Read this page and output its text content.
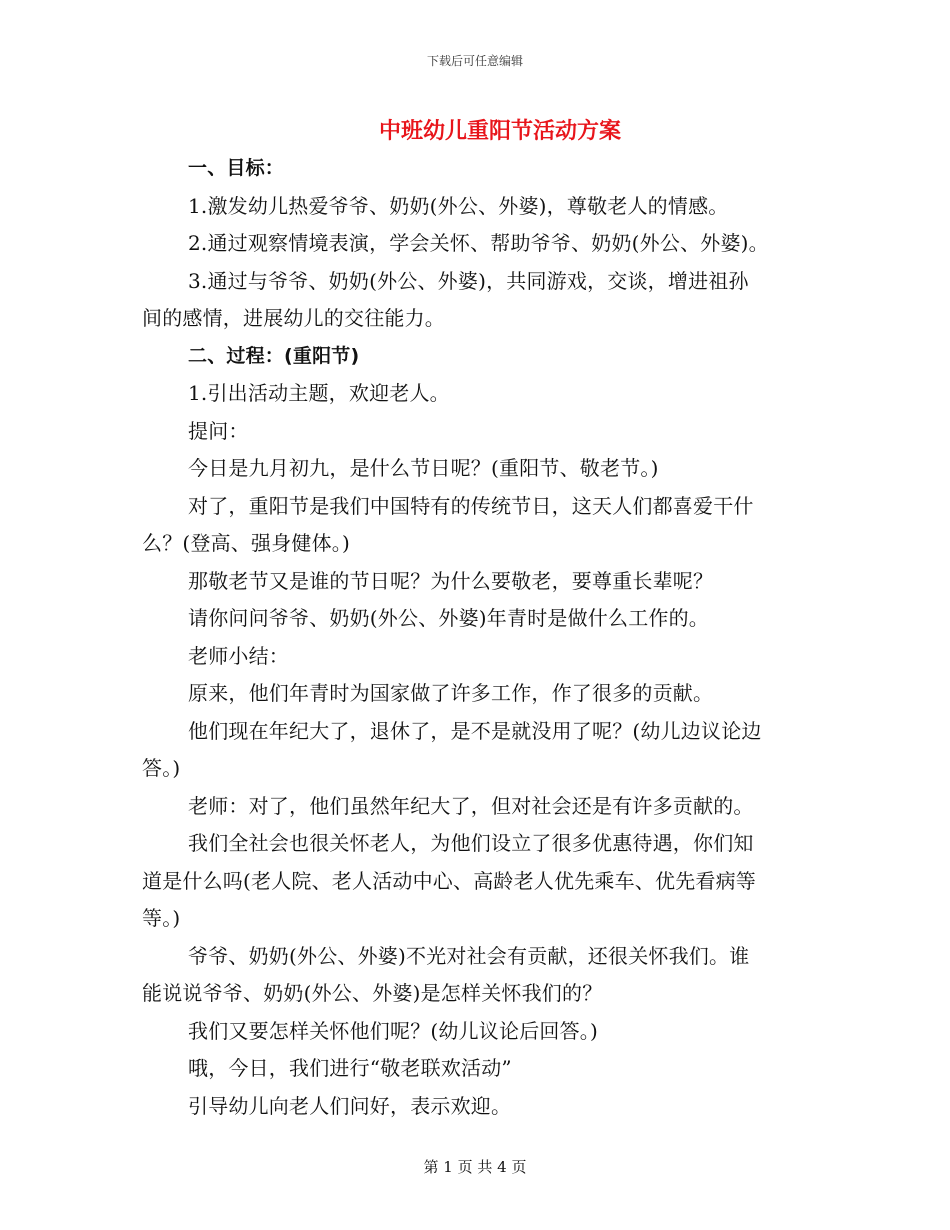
下载后可任意编辑
中班幼儿重阳节活动方案
一、目标：
1.激发幼儿热爱爷爷、奶奶(外公、外婆)，尊敬老人的情感。
2.通过观察情境表演，学会关怀、帮助爷爷、奶奶(外公、外婆)。
3.通过与爷爷、奶奶(外公、外婆)，共同游戏，交谈，增进祖孙
间的感情，进展幼儿的交往能力。
二、过程：(重阳节)
1.引出活动主题，欢迎老人。
提问：
今日是九月初九，是什么节日呢？(重阳节、敬老节。)
对了，重阳节是我们中国特有的传统节日，这天人们都喜爱干什
么？(登高、强身健体。)
那敬老节又是谁的节日呢？为什么要敬老，要尊重长辈呢？
请你问问爷爷、奶奶(外公、外婆)年青时是做什么工作的。
老师小结：
原来，他们年青时为国家做了许多工作，作了很多的贡献。
他们现在年纪大了，退休了，是不是就没用了呢？(幼儿边议论边
答。)
老师：对了，他们虽然年纪大了，但对社会还是有许多贡献的。
我们全社会也很关怀老人，为他们设立了很多优惠待遇，你们知
道是什么吗(老人院、老人活动中心、高龄老人优先乘车、优先看病等
等。)
爷爷、奶奶(外公、外婆)不光对社会有贡献，还很关怀我们。谁
能说说爷爷、奶奶(外公、外婆)是怎样关怀我们的？
我们又要怎样关怀他们呢？(幼儿议论后回答。)
哦，今日，我们进行“敬老联欢活动”
引导幼儿向老人们问好，表示欢迎。
第 1 页 共 4 页
